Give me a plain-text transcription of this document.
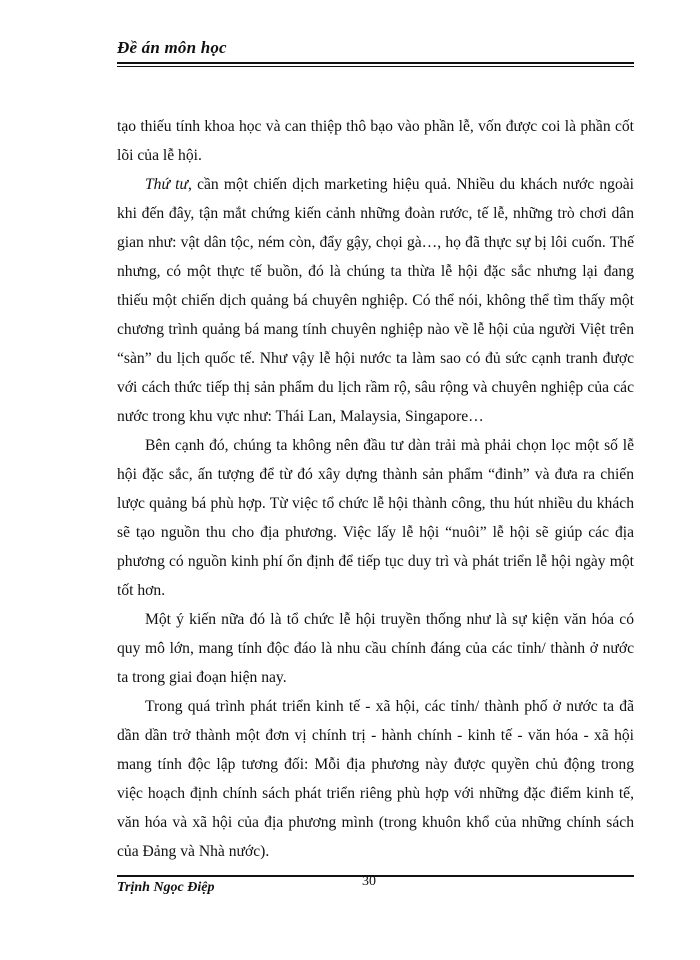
Đề án môn học

tạo thiếu tính khoa học và can thiệp thô bạo vào phần lễ, vốn được coi là phần cốt lõi của lễ hội.

Thứ tư, cần một chiến dịch marketing hiệu quả. Nhiều du khách nước ngoài khi đến đây, tận mắt chứng kiến cảnh những đoàn rước, tế lễ, những trò chơi dân gian như: vật dân tộc, ném còn, đẩy gậy, chọi gà…, họ đã thực sự bị lôi cuốn. Thế nhưng, có một thực tế buồn, đó là chúng ta thừa lễ hội đặc sắc nhưng lại đang thiếu một chiến dịch quảng bá chuyên nghiệp. Có thể nói, không thể tìm thấy một chương trình quảng bá mang tính chuyên nghiệp nào về lễ hội của người Việt trên “sàn” du lịch quốc tế. Như vậy lễ hội nước ta làm sao có đủ sức cạnh tranh được với cách thức tiếp thị sản phẩm du lịch rầm rộ, sâu rộng và chuyên nghiệp của các nước trong khu vực như: Thái Lan, Malaysia, Singapore…

Bên cạnh đó, chúng ta không nên đầu tư dàn trải mà phải chọn lọc một số lễ hội đặc sắc, ấn tượng để từ đó xây dựng thành sản phẩm “đinh” và đưa ra chiến lược quảng bá phù hợp. Từ việc tổ chức lễ hội thành công, thu hút nhiều du khách sẽ tạo nguồn thu cho địa phương. Việc lấy lễ hội “nuôi” lễ hội sẽ giúp các địa phương có nguồn kinh phí ổn định để tiếp tục duy trì và phát triển lễ hội ngày một tốt hơn.

Một ý kiến nữa đó là tổ chức lễ hội truyền thống như là sự kiện văn hóa có quy mô lớn, mang tính độc đáo là nhu cầu chính đáng của các tỉnh/ thành ở nước ta trong giai đoạn hiện nay.

Trong quá trình phát triển kinh tế - xã hội, các tỉnh/ thành phố ở nước ta đã dần dần trở thành một đơn vị chính trị - hành chính - kinh tế - văn hóa - xã hội mang tính độc lập tương đối: Mỗi địa phương này được quyền chủ động trong việc hoạch định chính sách phát triển riêng phù hợp với những đặc điểm kinh tế, văn hóa và xã hội của địa phương mình (trong khuôn khổ của những chính sách của Đảng và Nhà nước).

Trịnh Ngọc Điệp	30
